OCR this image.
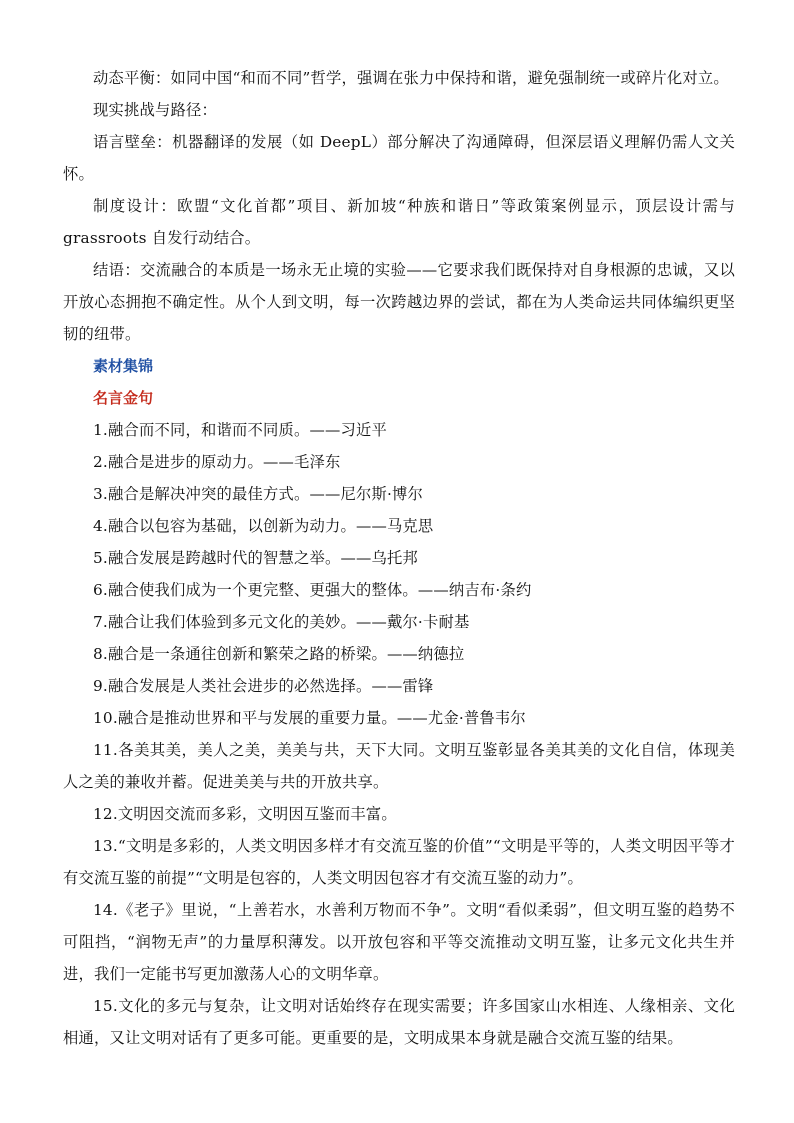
动态平衡：如同中国“和而不同”哲学，强调在张力中保持和谐，避免强制统一或碎片化对立。

现实挑战与路径：

语言壁垒：机器翻译的发展（如 DeepL）部分解决了沟通障碍，但深层语义理解仍需人文关怀。

制度设计：欧盟“文化首都”项目、新加坡“种族和谐日”等政策案例显示，顶层设计需与grassroots 自发行动结合。

结语：交流融合的本质是一场永无止境的实验——它要求我们既保持对自身根源的忠诚，又以开放心态拥抱不确定性。从个人到文明，每一次跨越边界的尝试，都在为人类命运共同体编织更坚韧的纽带。

素材集锦
名言金句

1.融合而不同，和谐而不同质。——习近平

2.融合是进步的原动力。——毛泽东

3.融合是解决冲突的最佳方式。——尼尔斯·博尔

4.融合以包容为基础，以创新为动力。——马克思

5.融合发展是跨越时代的智慧之举。——乌托邦

6.融合使我们成为一个更完整、更强大的整体。——纳吉布·条约

7.融合让我们体验到多元文化的美妙。——戴尔·卡耐基

8.融合是一条通往创新和繁荣之路的桥梁。——纳德拉

9.融合发展是人类社会进步的必然选择。——雷锋

10.融合是推动世界和平与发展的重要力量。——尤金·普鲁韦尔

11.各美其美，美人之美，美美与共，天下大同。文明互鉴彰显各美其美的文化自信，体现美人之美的兼收并蓄。促进美美与共的开放共享。

12.文明因交流而多彩，文明因互鉴而丰富。

13.“文明是多彩的，人类文明因多样才有交流互鉴的价值”“文明是平等的，人类文明因平等才有交流互鉴的前提”“文明是包容的，人类文明因包容才有交流互鉴的动力”。

14.《老子》里说，“上善若水，水善利万物而不争”。文明“看似柔弱”，但文明互鉴的趋势不可阻挡，“润物无声”的力量厚积薄发。以开放包容和平等交流推动文明互鉴，让多元文化共生并进，我们一定能书写更加激荡人心的文明华章。

15.文化的多元与复杂，让文明对话始终存在现实需要；许多国家山水相连、人缘相亲、文化相通，又让文明对话有了更多可能。更重要的是，文明成果本身就是融合交流互鉴的结果。
